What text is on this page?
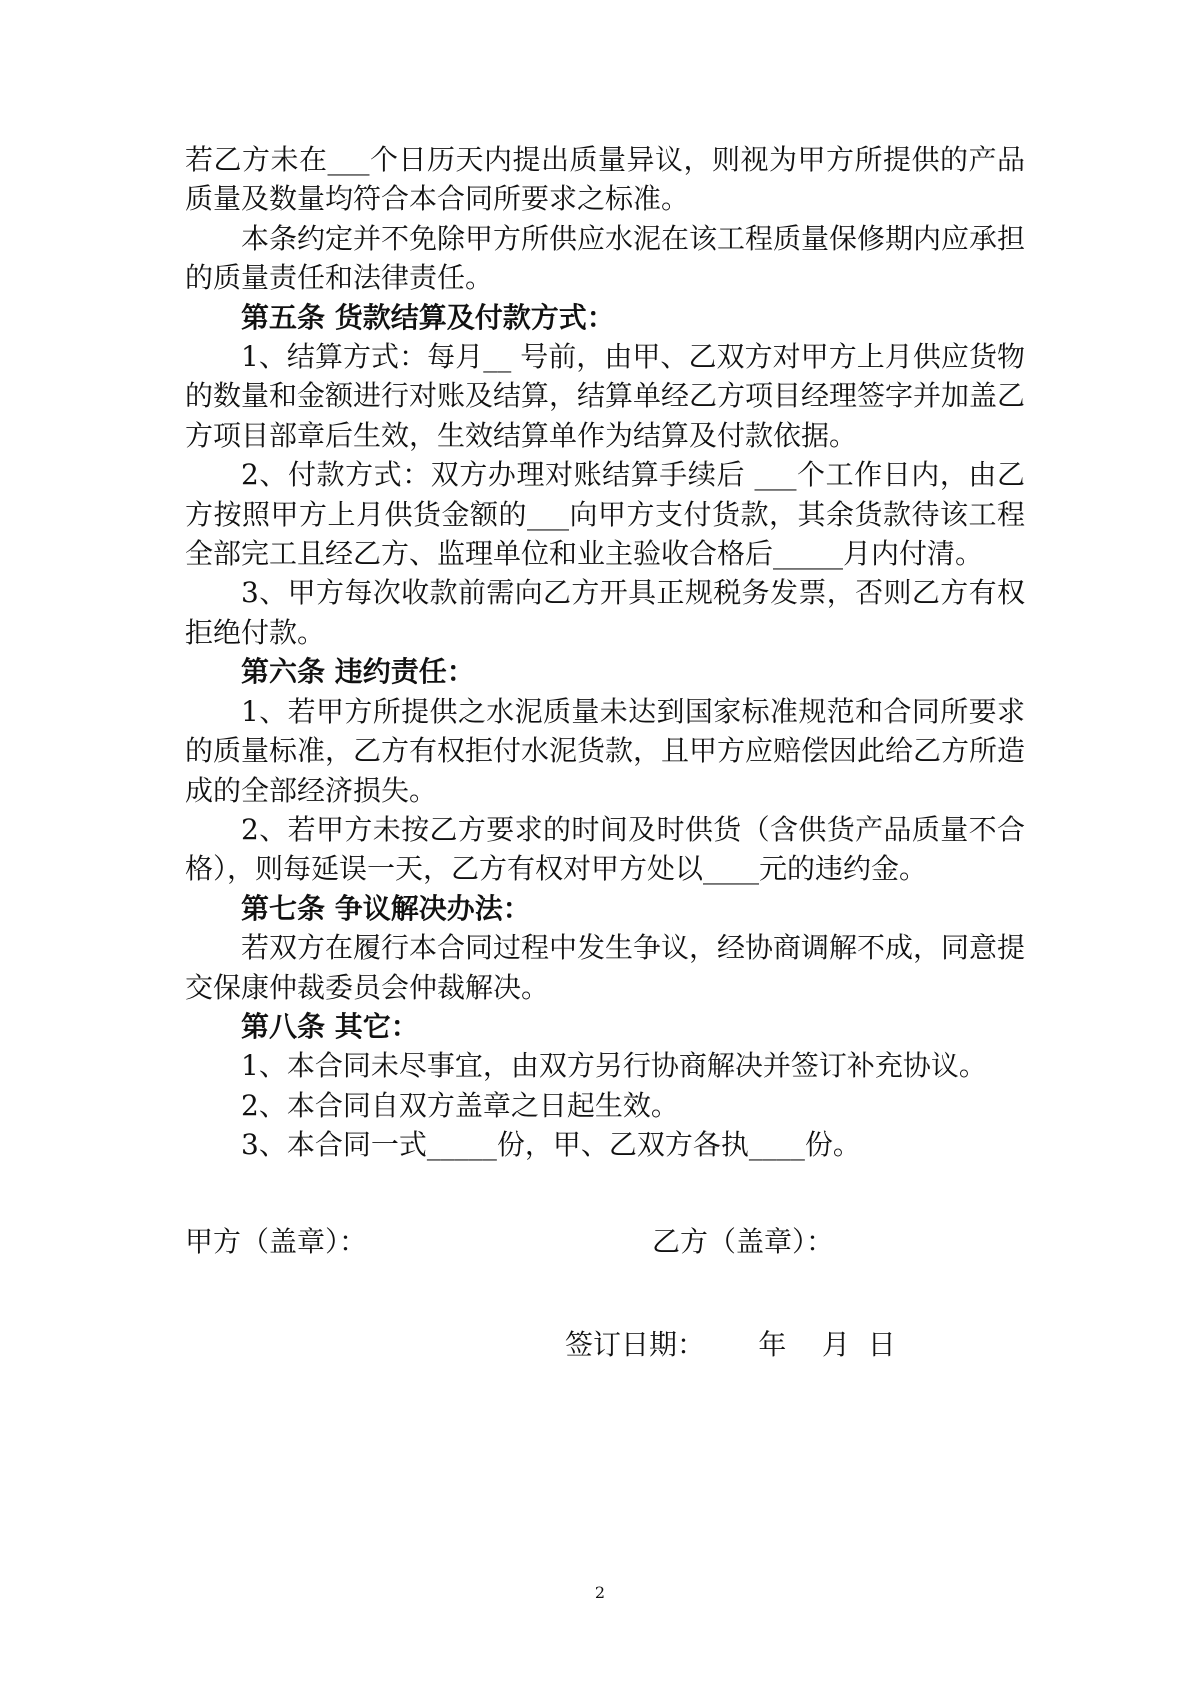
若乙方未在___个日历天内提出质量异议，则视为甲方所提供的产品质量及数量均符合本合同所要求之标准。

本条约定并不免除甲方所供应水泥在该工程质量保修期内应承担的质量责任和法律责任。

第五条 货款结算及付款方式：

1、结算方式：每月__ 号前，由甲、乙双方对甲方上月供应货物的数量和金额进行对账及结算，结算单经乙方项目经理签字并加盖乙方项目部章后生效，生效结算单作为结算及付款依据。

2、付款方式：双方办理对账结算手续后 ___个工作日内，由乙方按照甲方上月供货金额的___向甲方支付货款，其余货款待该工程全部完工且经乙方、监理单位和业主验收合格后_____月内付清。

3、甲方每次收款前需向乙方开具正规税务发票，否则乙方有权拒绝付款。

第六条 违约责任：

1、若甲方所提供之水泥质量未达到国家标准规范和合同所要求的质量标准，乙方有权拒付水泥货款，且甲方应赔偿因此给乙方所造成的全部经济损失。

2、若甲方未按乙方要求的时间及时供货（含供货产品质量不合格），则每延误一天，乙方有权对甲方处以____元的违约金。

第七条 争议解决办法：

若双方在履行本合同过程中发生争议，经协商调解不成，同意提交保康仲裁委员会仲裁解决。

第八条 其它：

1、本合同未尽事宜，由双方另行协商解决并签订补充协议。

2、本合同自双方盖章之日起生效。

3、本合同一式_____份，甲、乙双方各执____份。

甲方（盖章）：	乙方（盖章）：
签订日期：      年    月  日
2
